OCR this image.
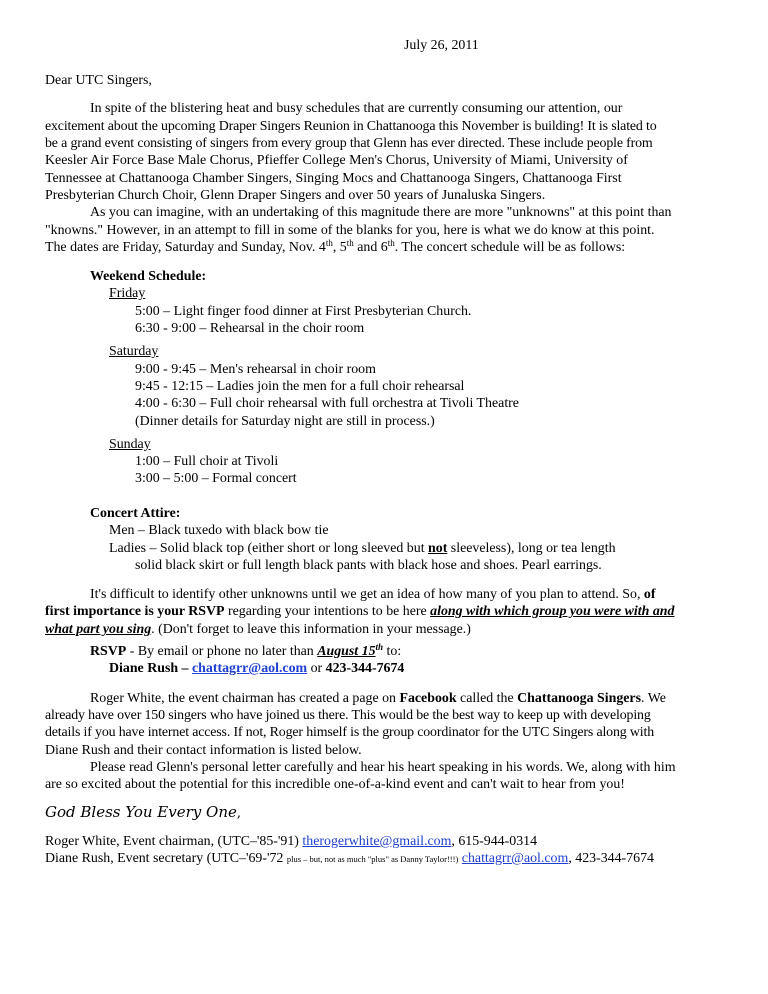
July 26, 2011
Dear UTC Singers,
In spite of the blistering heat and busy schedules that are currently consuming our attention, our
excitement about the upcoming Draper Singers Reunion in Chattanooga this November is building! It is slated to
be a grand event consisting of singers from every group that Glenn has ever directed. These include people from
Keesler Air Force Base Male Chorus, Pfieffer College Men's Chorus, University of Miami, University of
Tennessee at Chattanooga Chamber Singers, Singing Mocs and Chattanooga Singers, Chattanooga First
Presbyterian Church Choir, Glenn Draper Singers and over 50 years of Junaluska Singers.
As you can imagine, with an undertaking of this magnitude there are more "unknowns" at this point than
"knowns." However, in an attempt to fill in some of the blanks for you, here is what we do know at this point.
The dates are Friday, Saturday and Sunday, Nov. 4th, 5th and 6th. The concert schedule will be as follows:
Weekend Schedule:
Friday
5:00 – Light finger food dinner at First Presbyterian Church.
6:30 - 9:00 – Rehearsal in the choir room
Saturday
9:00 - 9:45 – Men's rehearsal in choir room
9:45 - 12:15 – Ladies join the men for a full choir rehearsal
4:00 - 6:30 – Full choir rehearsal with full orchestra at Tivoli Theatre
(Dinner details for Saturday night are still in process.)
Sunday
1:00 – Full choir at Tivoli
3:00 – 5:00 – Formal concert
Concert Attire:
Men – Black tuxedo with black bow tie
Ladies – Solid black top (either short or long sleeved but not sleeveless), long or tea length
solid black skirt or full length black pants with black hose and shoes. Pearl earrings.
It's difficult to identify other unknowns until we get an idea of how many of you plan to attend. So, of
first importance is your RSVP regarding your intentions to be here along with which group you were with and
what part you sing. (Don't forget to leave this information in your message.)
RSVP - By email or phone no later than August 15th to:
Diane Rush – chattagrr@aol.com or 423-344-7674
Roger White, the event chairman has created a page on Facebook called the Chattanooga Singers. We
already have over 150 singers who have joined us there. This would be the best way to keep up with developing
details if you have internet access. If not, Roger himself is the group coordinator for the UTC Singers along with
Diane Rush and their contact information is listed below.
Please read Glenn's personal letter carefully and hear his heart speaking in his words. We, along with him
are so excited about the potential for this incredible one-of-a-kind event and can't wait to hear from you!
God Bless You Every One,
Roger White, Event chairman, (UTC–'85-'91) therogerwhite@gmail.com, 615-944-0314
Diane Rush, Event secretary (UTC–'69-'72 plus – but, not as much "plus" as Danny Taylor!!!) chattagrr@aol.com, 423-344-7674
